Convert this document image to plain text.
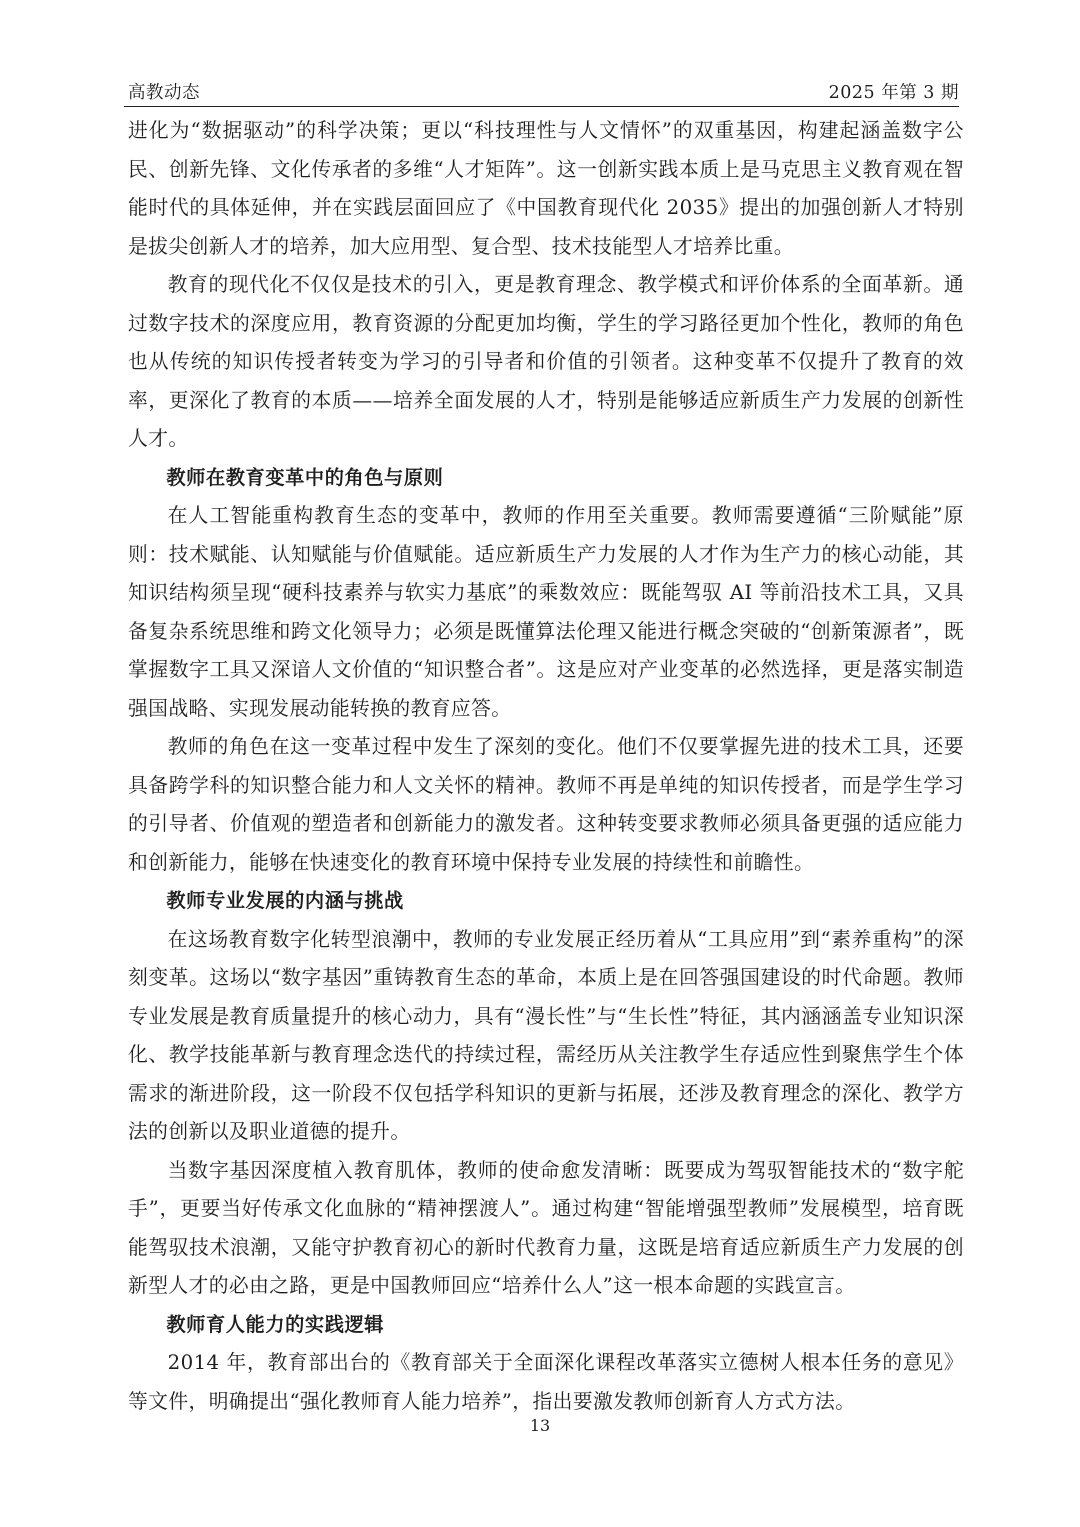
高教动态	2025 年第 3 期

进化为“数据驱动”的科学决策；更以“科技理性与人文情怀”的双重基因，构建起涵盖数字公民、创新先锋、文化传承者的多维“人才矩阵”。这一创新实践本质上是马克思主义教育观在智能时代的具体延伸，并在实践层面回应了《中国教育现代化 2035》提出的加强创新人才特别是拔尖创新人才的培养，加大应用型、复合型、技术技能型人才培养比重。

教育的现代化不仅仅是技术的引入，更是教育理念、教学模式和评价体系的全面革新。通过数字技术的深度应用，教育资源的分配更加均衡，学生的学习路径更加个性化，教师的角色也从传统的知识传授者转变为学习的引导者和价值的引领者。这种变革不仅提升了教育的效率，更深化了教育的本质——培养全面发展的人才，特别是能够适应新质生产力发展的创新性人才。

教师在教育变革中的角色与原则

在人工智能重构教育生态的变革中，教师的作用至关重要。教师需要遵循“三阶赋能”原则：技术赋能、认知赋能与价值赋能。适应新质生产力发展的人才作为生产力的核心动能，其知识结构须呈现“硬科技素养与软实力基底”的乘数效应：既能驾驭 AI 等前沿技术工具，又具备复杂系统思维和跨文化领导力；必须是既懂算法伦理又能进行概念突破的“创新策源者”，既掌握数字工具又深谙人文价值的“知识整合者”。这是应对产业变革的必然选择，更是落实制造强国战略、实现发展动能转换的教育应答。

教师的角色在这一变革过程中发生了深刻的变化。他们不仅要掌握先进的技术工具，还要具备跨学科的知识整合能力和人文关怀的精神。教师不再是单纯的知识传授者，而是学生学习的引导者、价值观的塑造者和创新能力的激发者。这种转变要求教师必须具备更强的适应能力和创新能力，能够在快速变化的教育环境中保持专业发展的持续性和前瞻性。

教师专业发展的内涵与挑战

在这场教育数字化转型浪潮中，教师的专业发展正经历着从“工具应用”到“素养重构”的深刻变革。这场以“数字基因”重铸教育生态的革命，本质上是在回答强国建设的时代命题。教师专业发展是教育质量提升的核心动力，具有“漫长性”与“生长性”特征，其内涵涵盖专业知识深化、教学技能革新与教育理念迭代的持续过程，需经历从关注教学生存适应性到聚焦学生个体需求的渐进阶段，这一阶段不仅包括学科知识的更新与拓展，还涉及教育理念的深化、教学方法的创新以及职业道德的提升。

当数字基因深度植入教育肌体，教师的使命愈发清晰：既要成为驾驭智能技术的“数字舵手”，更要当好传承文化血脉的“精神摆渡人”。通过构建“智能增强型教师”发展模型，培育既能驾驭技术浪潮，又能守护教育初心的新时代教育力量，这既是培育适应新质生产力发展的创新型人才的必由之路，更是中国教师回应“培养什么人”这一根本命题的实践宣言。

教师育人能力的实践逻辑

2014 年，教育部出台的《教育部关于全面深化课程改革落实立德树人根本任务的意见》等文件，明确提出“强化教师育人能力培养”，指出要激发教师创新育人方式方法。

13
